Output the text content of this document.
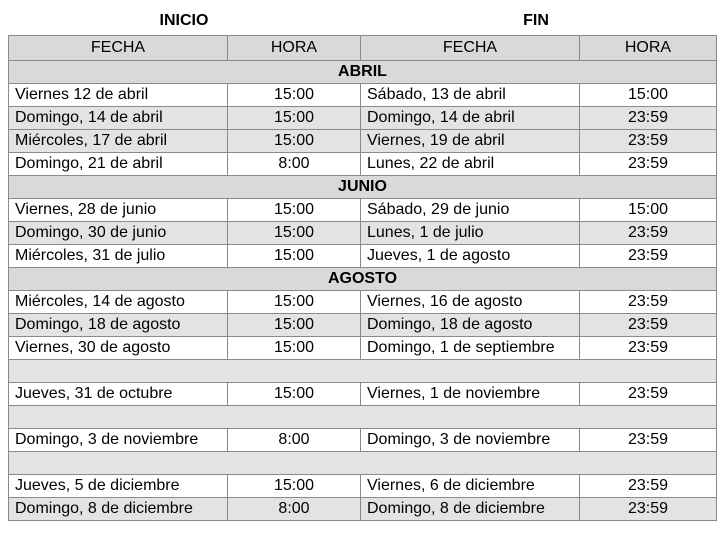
INICIO	FIN
FECHA	HORA	FECHA	HORA
ABRIL			
Viernes 12 de abril	15:00	Sábado, 13 de abril	15:00
Domingo, 14 de abril	15:00	Domingo, 14 de abril	23:59
Miércoles, 17 de abril	15:00	Viernes, 19 de abril	23:59
Domingo, 21 de abril	8:00	Lunes, 22 de abril	23:59
JUNIO			
Viernes, 28 de junio	15:00	Sábado, 29 de junio	15:00
Domingo, 30 de junio	15:00	Lunes, 1 de julio	23:59
Miércoles, 31 de julio	15:00	Jueves, 1 de agosto	23:59
AGOSTO			
Miércoles, 14 de agosto	15:00	Viernes, 16 de agosto	23:59
Domingo, 18 de agosto	15:00	Domingo, 18 de agosto	23:59
Viernes, 30 de agosto	15:00	Domingo, 1 de septiembre	23:59

Jueves, 31 de octubre	15:00	Viernes, 1 de noviembre	23:59

Domingo, 3 de noviembre	8:00	Domingo, 3 de noviembre	23:59

Jueves, 5 de diciembre	15:00	Viernes, 6 de diciembre	23:59
Domingo, 8 de diciembre	8:00	Domingo, 8 de diciembre	23:59
